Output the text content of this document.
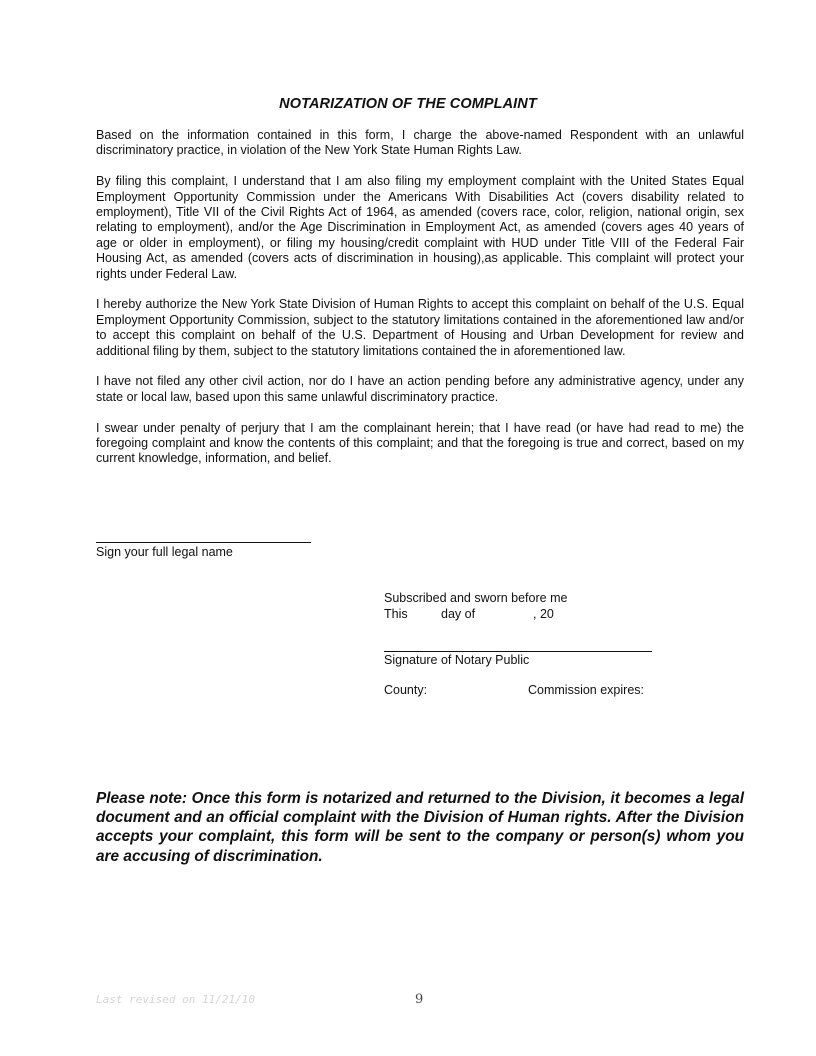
NOTARIZATION OF THE COMPLAINT

Based on the information contained in this form, I charge the above-named Respondent with an unlawful discriminatory practice, in violation of the New York State Human Rights Law.

By filing this complaint, I understand that I am also filing my employment complaint with the United States Equal Employment Opportunity Commission under the Americans With Disabilities Act (covers disability related to employment), Title VII of the Civil Rights Act of 1964, as amended (covers race, color, religion, national origin, sex relating to employment), and/or the Age Discrimination in Employment Act, as amended (covers ages 40 years of age or older in employment), or filing my housing/credit complaint with HUD under Title VIII of the Federal Fair Housing Act, as amended (covers acts of discrimination in housing),as applicable. This complaint will protect your rights under Federal Law.

I hereby authorize the New York State Division of Human Rights to accept this complaint on behalf of the U.S. Equal Employment Opportunity Commission, subject to the statutory limitations contained in the aforementioned law and/or to accept this complaint on behalf of the U.S. Department of Housing and Urban Development for review and additional filing by them, subject to the statutory limitations contained the in aforementioned law.

I have not filed any other civil action, nor do I have an action pending before any administrative agency, under any state or local law, based upon this same unlawful discriminatory practice.

I swear under penalty of perjury that I am the complainant herein; that I have read (or have had read to me) the foregoing complaint and know the contents of this complaint; and that the foregoing is true and correct, based on my current knowledge, information, and belief.

Sign your full legal name
Subscribed and sworn before me
This	day of	, 20
Signature of Notary Public
County:	Commission expires:
Please note: Once this form is notarized and returned to the Division, it becomes a legal document and an official complaint with the Division of Human rights. After the Division accepts your complaint, this form will be sent to the company or person(s) whom you are accusing of discrimination.
Last revised on 11/21/10	9
